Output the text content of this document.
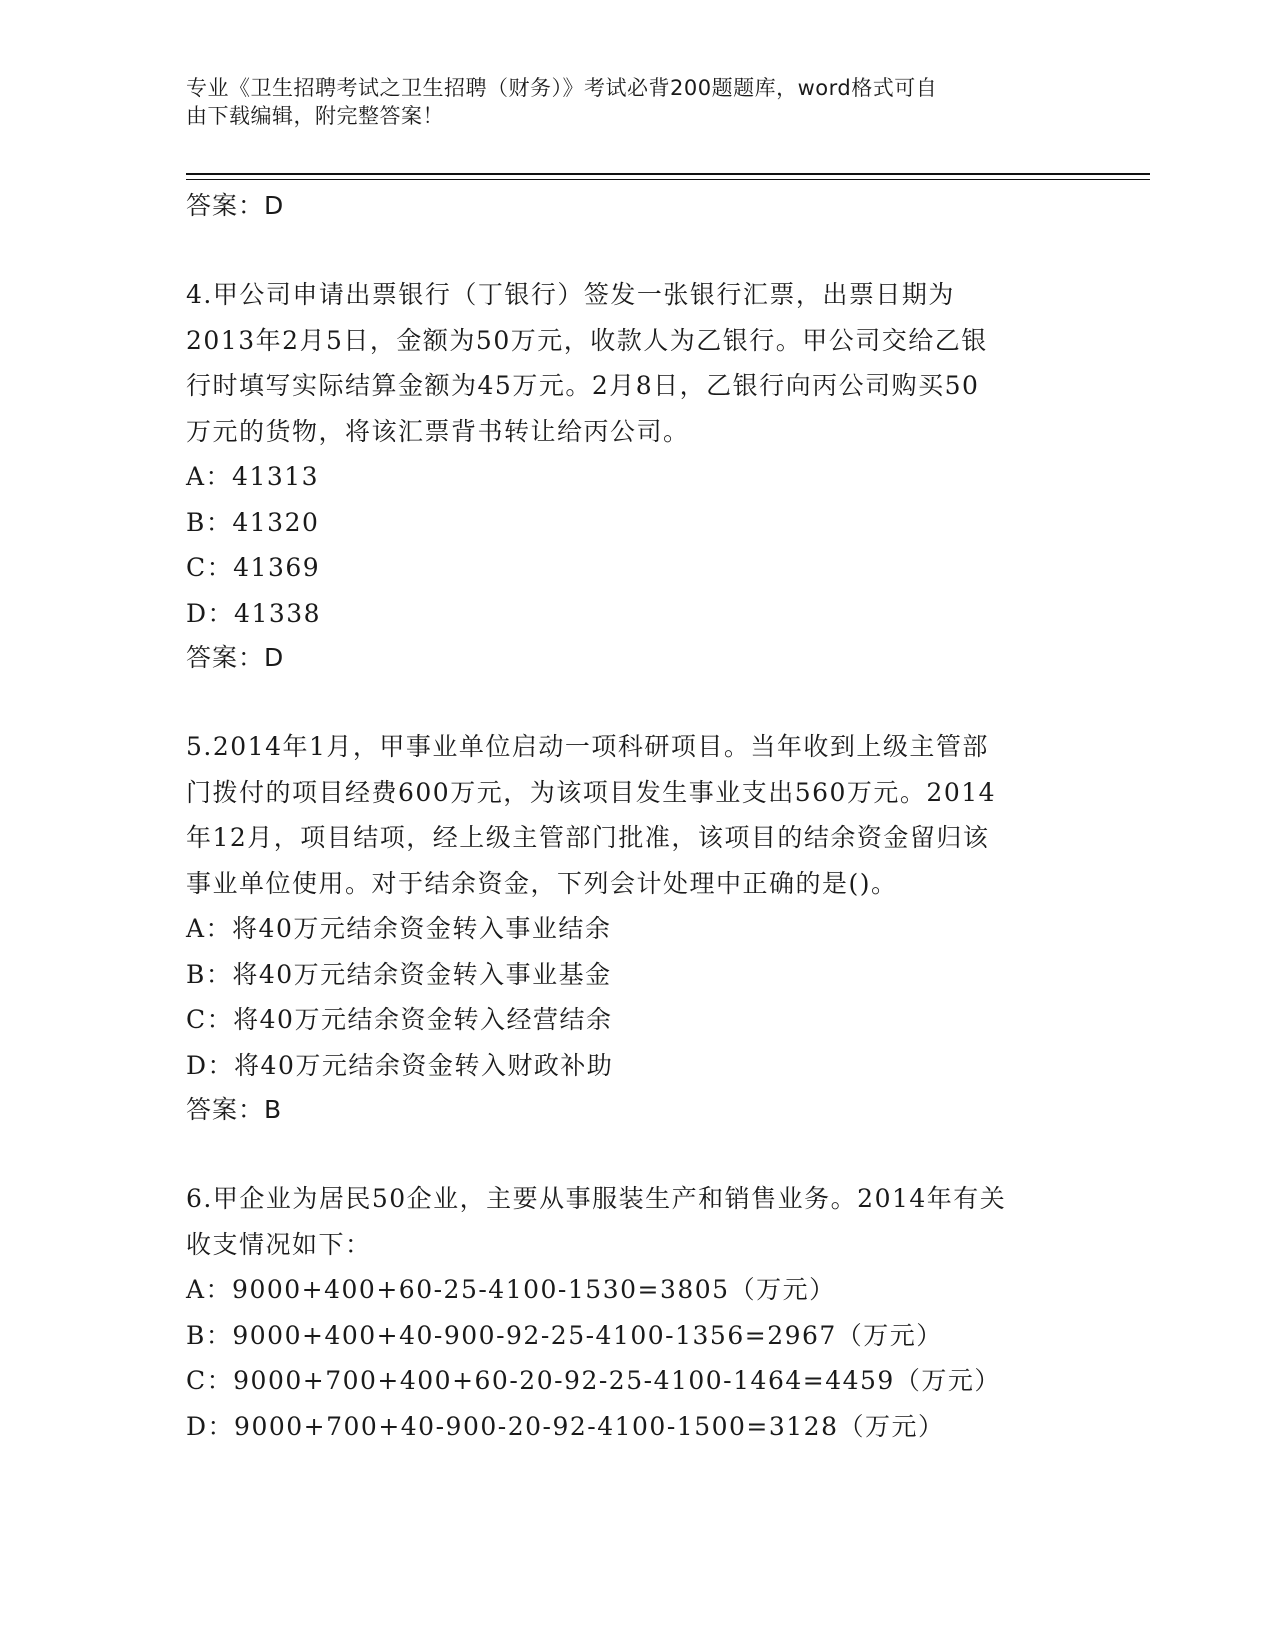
专业《卫生招聘考试之卫生招聘（财务）》考试必背200题题库，word格式可自
由下载编辑，附完整答案！
答案：D
4.甲公司申请出票银行（丁银行）签发一张银行汇票，出票日期为
2013年2月5日，金额为50万元，收款人为乙银行。甲公司交给乙银
行时填写实际结算金额为45万元。2月8日，乙银行向丙公司购买50
万元的货物，将该汇票背书转让给丙公司。
A：41313
B：41320
C：41369
D：41338
答案：D
5.2014年1月，甲事业单位启动一项科研项目。当年收到上级主管部
门拨付的项目经费600万元，为该项目发生事业支出560万元。2014
年12月，项目结项，经上级主管部门批准，该项目的结余资金留归该
事业单位使用。对于结余资金，下列会计处理中正确的是()。
A：将40万元结余资金转入事业结余
B：将40万元结余资金转入事业基金
C：将40万元结余资金转入经营结余
D：将40万元结余资金转入财政补助
答案：B
6.甲企业为居民50企业，主要从事服装生产和销售业务。2014年有关
收支情况如下：
A：9000+400+60-25-4100-1530=3805（万元）
B：9000+400+40-900-92-25-4100-1356=2967（万元）
C：9000+700+400+60-20-92-25-4100-1464=4459（万元）
D：9000+700+40-900-20-92-4100-1500=3128（万元）
